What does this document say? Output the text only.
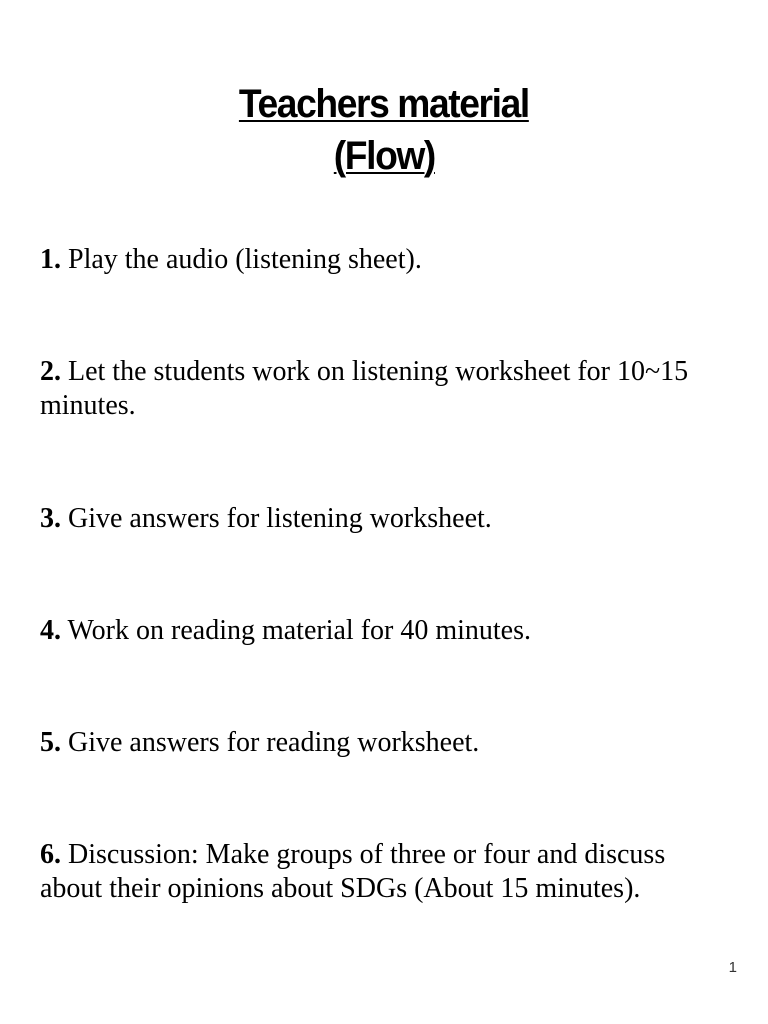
Teachers material
(Flow)
1. Play the audio (listening sheet).
2. Let the students work on listening worksheet for 10~15 minutes.
3. Give answers for listening worksheet.
4. Work on reading material for 40 minutes.
5. Give answers for reading worksheet.
6. Discussion: Make groups of three or four and discuss about their opinions about SDGs (About 15 minutes).
1
